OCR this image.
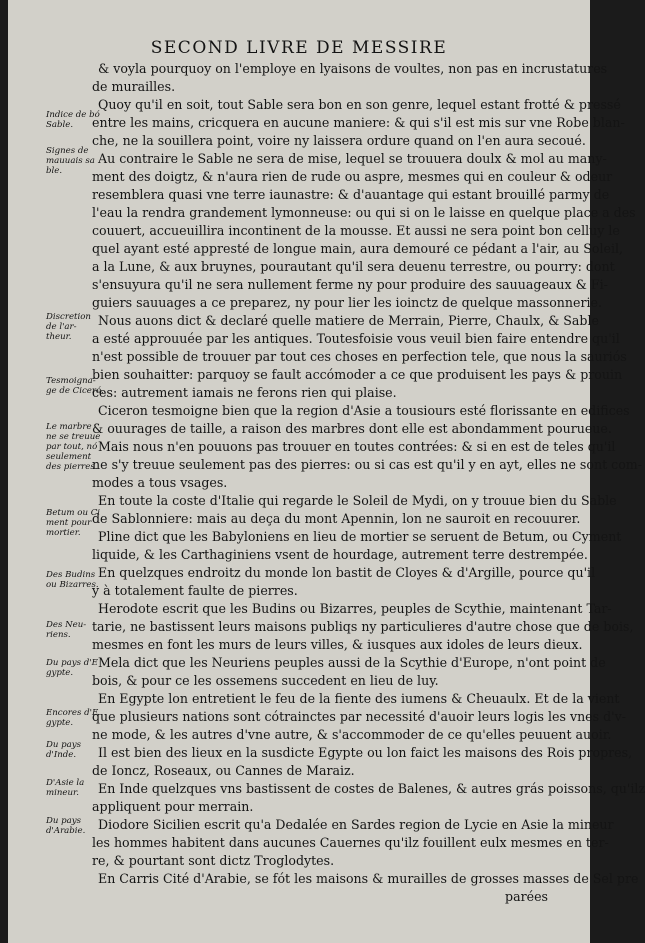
SECOND LIVRE DE MESSIRE
& voyla pourquoy on l'employe en lyaisons de voultes, non pas en incrustatures
de murailles.
Quoy qu'il en soit, tout Sable sera bon en son genre, lequel estant frotté & pressé
entre les mains, cricquera en aucune maniere: & qui s'il est mis sur vne Robe blan-
che, ne la souillera point, voire ny laissera ordure quand on l'en aura secoué.
Au contraire le Sable ne sera de mise, lequel se trouuera doulx & mol au many-
ment des doigtz, & n'aura rien de rude ou aspre, mesmes qui en couleur & odeur
resemblera quasi vne terre iaunastre: & d'auantage qui estant brouillé parmy de
l'eau la rendra grandement lymonneuse: ou qui si on le laisse en quelque place a des
couuert, accueuillira incontinent de la mousse. Et aussi ne sera point bon celluy le
quel ayant esté appresté de longue main, aura demouré ce pédant a l'air, au Soleil,
a la Lune, & aux bruynes, pourautant qu'il sera deuenu terrestre, ou pourry: dont
s'ensuyura qu'il ne sera nullement ferme ny pour produire des sauuageaux & Fi-
guiers sauuages a ce preparez, ny pour lier les ioinctz de quelque massonnerie.
Nous auons dict & declaré quelle matiere de Merrain, Pierre, Chaulx, & Sable
a esté approuuée par les antiques. Toutesfoisie vous veuil bien faire entendre qu'il
n'est possible de trouuer par tout ces choses en perfection tele, que nous la sauriós
bien souhaitter: parquoy se fault accómoder a ce que produisent les pays & prouin
ces: autrement iamais ne ferons rien qui plaise.
Ciceron tesmoigne bien que la region d'Asie a tousiours esté florissante en edifices
& ouurages de taille, a raison des marbres dont elle est abondamment pourueue.
Mais nous n'en pouuons pas trouuer en toutes contrées: & si en est de teles qu'il
ne s'y treuue seulement pas des pierres: ou si cas est qu'il y en ayt, elles ne sont com-
modes a tous vsages.
En toute la coste d'Italie qui regarde le Soleil de Mydi, on y trouue bien du Sable
de Sablonniere: mais au deça du mont Apennin, lon ne sauroit en recouurer.
Pline dict que les Babyloniens en lieu de mortier se seruent de Betum, ou Cyment
liquide, & les Carthaginiens vsent de hourdage, autrement terre destrempée.
En quelzques endroitz du monde lon bastit de Cloyes & d'Argille, pource qu'il
y à totalement faulte de pierres.
Herodote escrit que les Budins ou Bizarres, peuples de Scythie, maintenant Tar-
tarie, ne bastissent leurs maisons publiqs ny particulieres d'autre chose que de bois,
mesmes en font les murs de leurs villes, & iusques aux idoles de leurs dieux.
Mela dict que les Neuriens peuples aussi de la Scythie d'Europe, n'ont point de
bois, & pour ce les ossemens succedent en lieu de luy.
En Egypte lon entretient le feu de la fiente des iumens & Cheuaulx. Et de la vient
que plusieurs nations sont cótrainctes par necessité d'auoir leurs logis les vnes d'v-
ne mode, & les autres d'vne autre, & s'accommoder de ce qu'elles peuuent auoir.
Il est bien des lieux en la susdicte Egypte ou lon faict les maisons des Rois propres,
de Ioncz, Roseaux, ou Cannes de Maraiz.
En Inde quelzques vns bastissent de costes de Balenes, & autres grás poissons, qu'ilz
appliquent pour merrain.
Diodore Sicilien escrit qu'a Dedalée en Sardes region de Lycie en Asie la mineur
les hommes habitent dans aucunes Cauernes qu'ilz fouillent eulx mesmes en ter-
re, & pourtant sont dictz Troglodytes.
En Carris Cité d'Arabie, se fót les maisons & murailles de grosses masses de Sel pre
parées
Indice de bó
Sable.
Signes de
mauuais sa
ble.
Discretion
de l'ar-
theur.
Tesmoigna-
ge de Ciceró.
Le marbre
ne se treuue
par tout, nó
seulement
des pierres.
Betum ou Ci
ment pour
mortier.
Des Budins
ou Bizarres.
Des Neu-
riens.
Du pays d'E
gypte.
Encores d'E
gypte.
Du pays
d'Inde.
D'Asie la
mineur.
Du pays
d'Arabie.
